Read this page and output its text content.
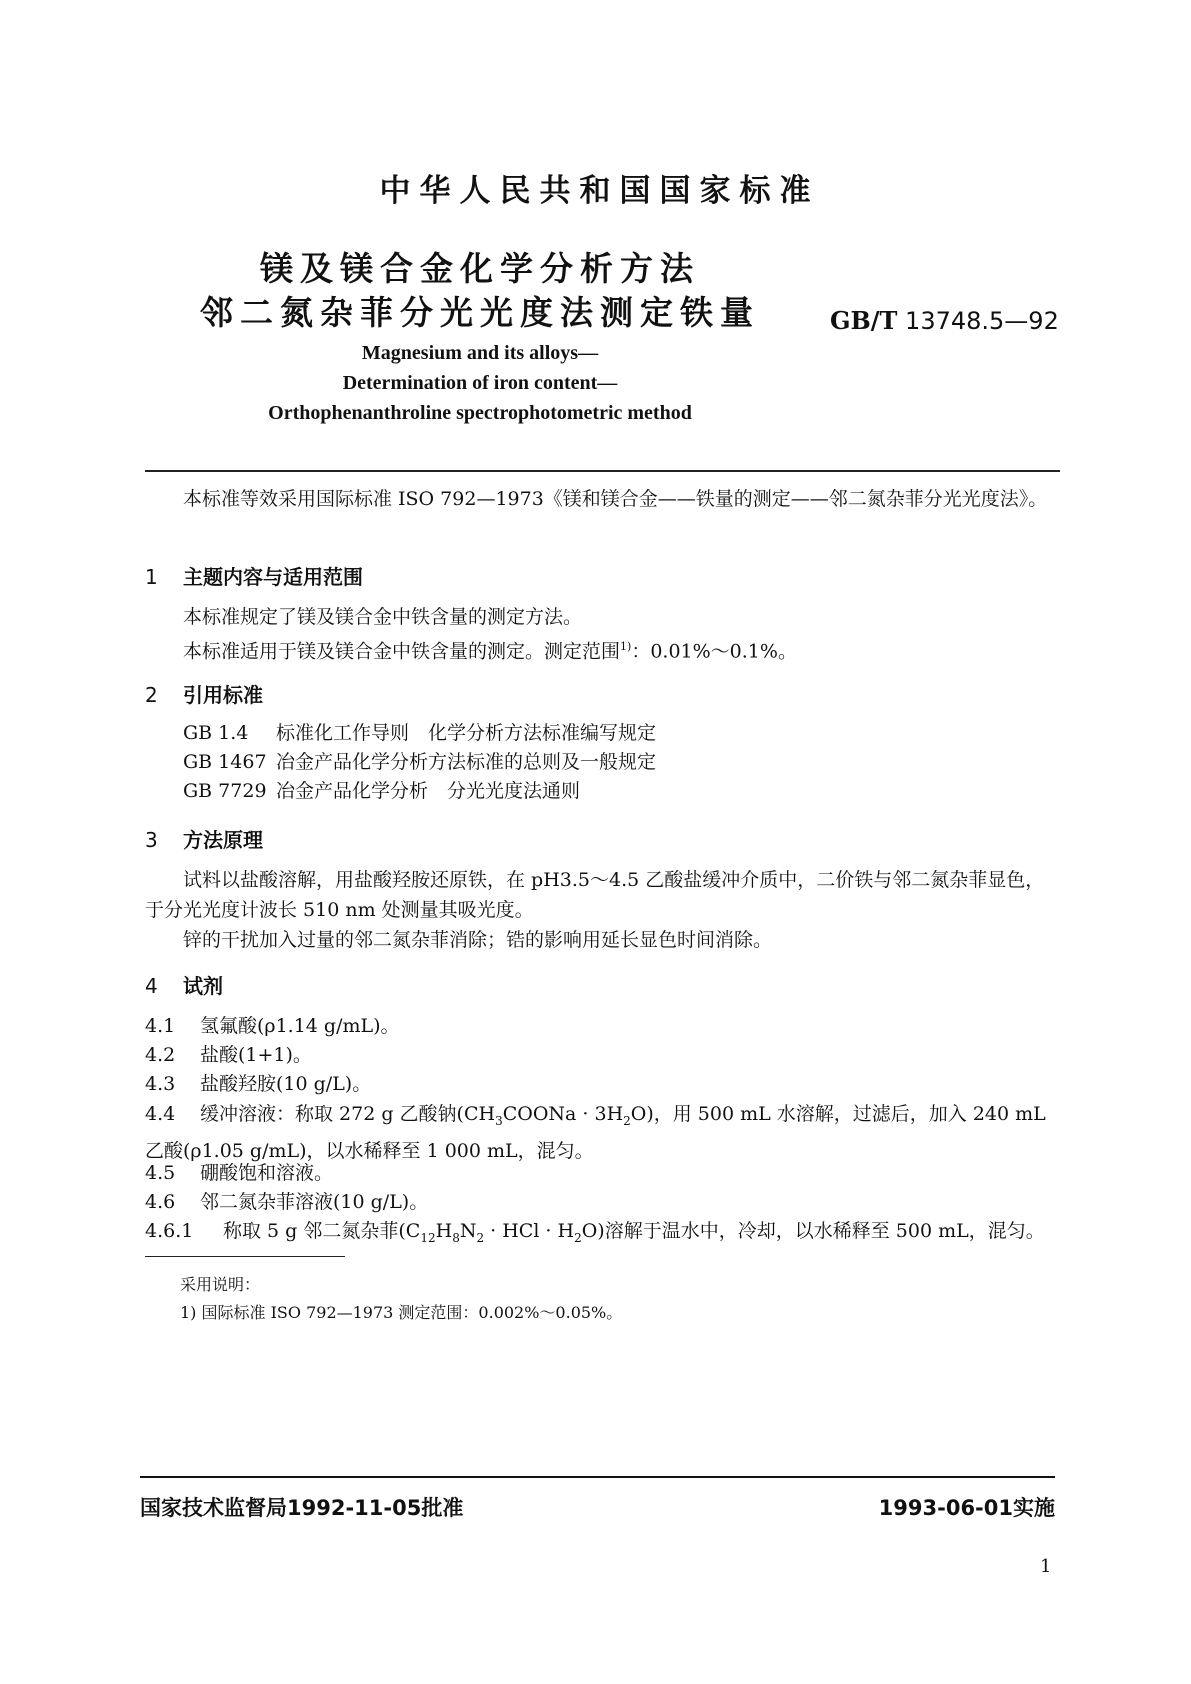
中华人民共和国国家标准
镁及镁合金化学分析方法
邻二氮杂菲分光光度法测定铁量	GB/T 13748.5—92
Magnesium and its alloys—
Determination of iron content—
Orthophenanthroline spectrophotometric method
本标准等效采用国际标准 ISO 792—1973《镁和镁合金——铁量的测定——邻二氮杂菲分光光度法》。
1 主题内容与适用范围
本标准规定了镁及镁合金中铁含量的测定方法。
本标准适用于镁及镁合金中铁含量的测定。测定范围$^{1)}$：0.01%～0.1%。
2 引用标准
GB 1.4 标准化工作导则　化学分析方法标准编写规定
GB 1467 冶金产品化学分析方法标准的总则及一般规定
GB 7729 冶金产品化学分析　分光光度法通则
3 方法原理
试料以盐酸溶解，用盐酸羟胺还原铁，在 pH3.5～4.5 乙酸盐缓冲介质中，二价铁与邻二氮杂菲显色，于分光光度计波长 510 nm 处测量其吸光度。
锌的干扰加入过量的邻二氮杂菲消除；锆的影响用延长显色时间消除。
4 试剂
4.1 氢氟酸(ρ1.14 g/mL)。
4.2 盐酸(1+1)。
4.3 盐酸羟胺(10 g/L)。
4.4 缓冲溶液：称取 272 g 乙酸钠$(CH_3COONa \cdot 3H_2O)$，用 500 mL 水溶解，过滤后，加入 240 mL 乙酸(ρ1.05 g/mL)，以水稀释至 1 000 mL，混匀。
4.5 硼酸饱和溶液。
4.6 邻二氮杂菲溶液(10 g/L)。
4.6.1 称取 5 g 邻二氮杂菲($C_{12}H_8N_2$ · HCl · $H_2O$)溶解于温水中，冷却，以水稀释至 500 mL，混匀。
采用说明：
1) 国际标准 ISO 792—1973 测定范围：0.002%～0.05%。
国家技术监督局1992-11-05批准	1993-06-01实施
1
